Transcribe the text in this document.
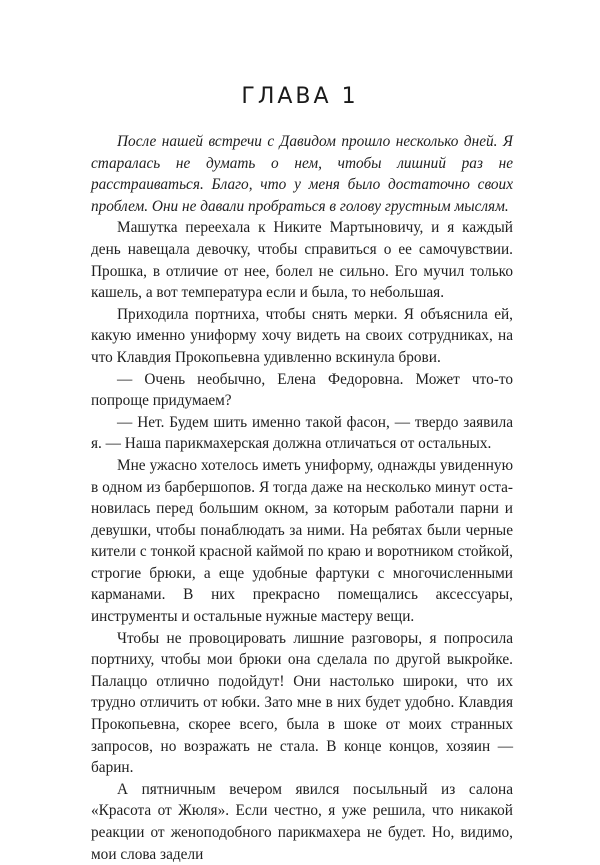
ГЛАВА 1

После нашей встречи с Давидом прошло несколько дней. Я старалась не думать о нем, чтобы лишний раз не расстраиваться. Благо, что у меня было достаточно своих проблем. Они не давали пробраться в голову грустным мыслям.

Машутка переехала к Никите Мартыновичу, и я каждый день навещала девочку, чтобы справиться о ее самочувствии. Прошка, в отличие от нее, болел не сильно. Его мучил только кашель, а вот температура если и была, то небольшая.

Приходила портниха, чтобы снять мерки. Я объяснила ей, какую именно униформу хочу видеть на своих сотрудниках, на что Клавдия Прокопьевна удивленно вскинула брови.

— Очень необычно, Елена Федоровна. Может что-то попроще придумаем?

— Нет. Будем шить именно такой фасон, — твердо заявила я. — Наша парикмахерская должна отличаться от остальных.

Мне ужасно хотелось иметь униформу, однажды увиденную в одном из барбершопов. Я тогда даже на несколько минут остановилась перед большим окном, за которым работали парни и девушки, чтобы понаблюдать за ними. На ребятах были черные кители с тонкой красной каймой по краю и воротником стойкой, строгие брюки, а еще удобные фартуки с многочисленными карманами. В них прекрасно помещались аксессуары, инструменты и остальные нужные мастеру вещи.

Чтобы не провоцировать лишние разговоры, я попросила портниху, чтобы мои брюки она сделала по другой выкройке. Палаццо отлично подойдут! Они настолько широки, что их трудно отличить от юбки. Зато мне в них будет удобно. Клавдия Прокопьевна, скорее всего, была в шоке от моих странных запросов, но возражать не стала. В конце концов, хозяин — барин.

А пятничным вечером явился посыльный из салона «Красота от Жюля». Если честно, я уже решила, что никакой реакции от женоподобного парикмахера не будет. Но, видимо, мои слова задели
